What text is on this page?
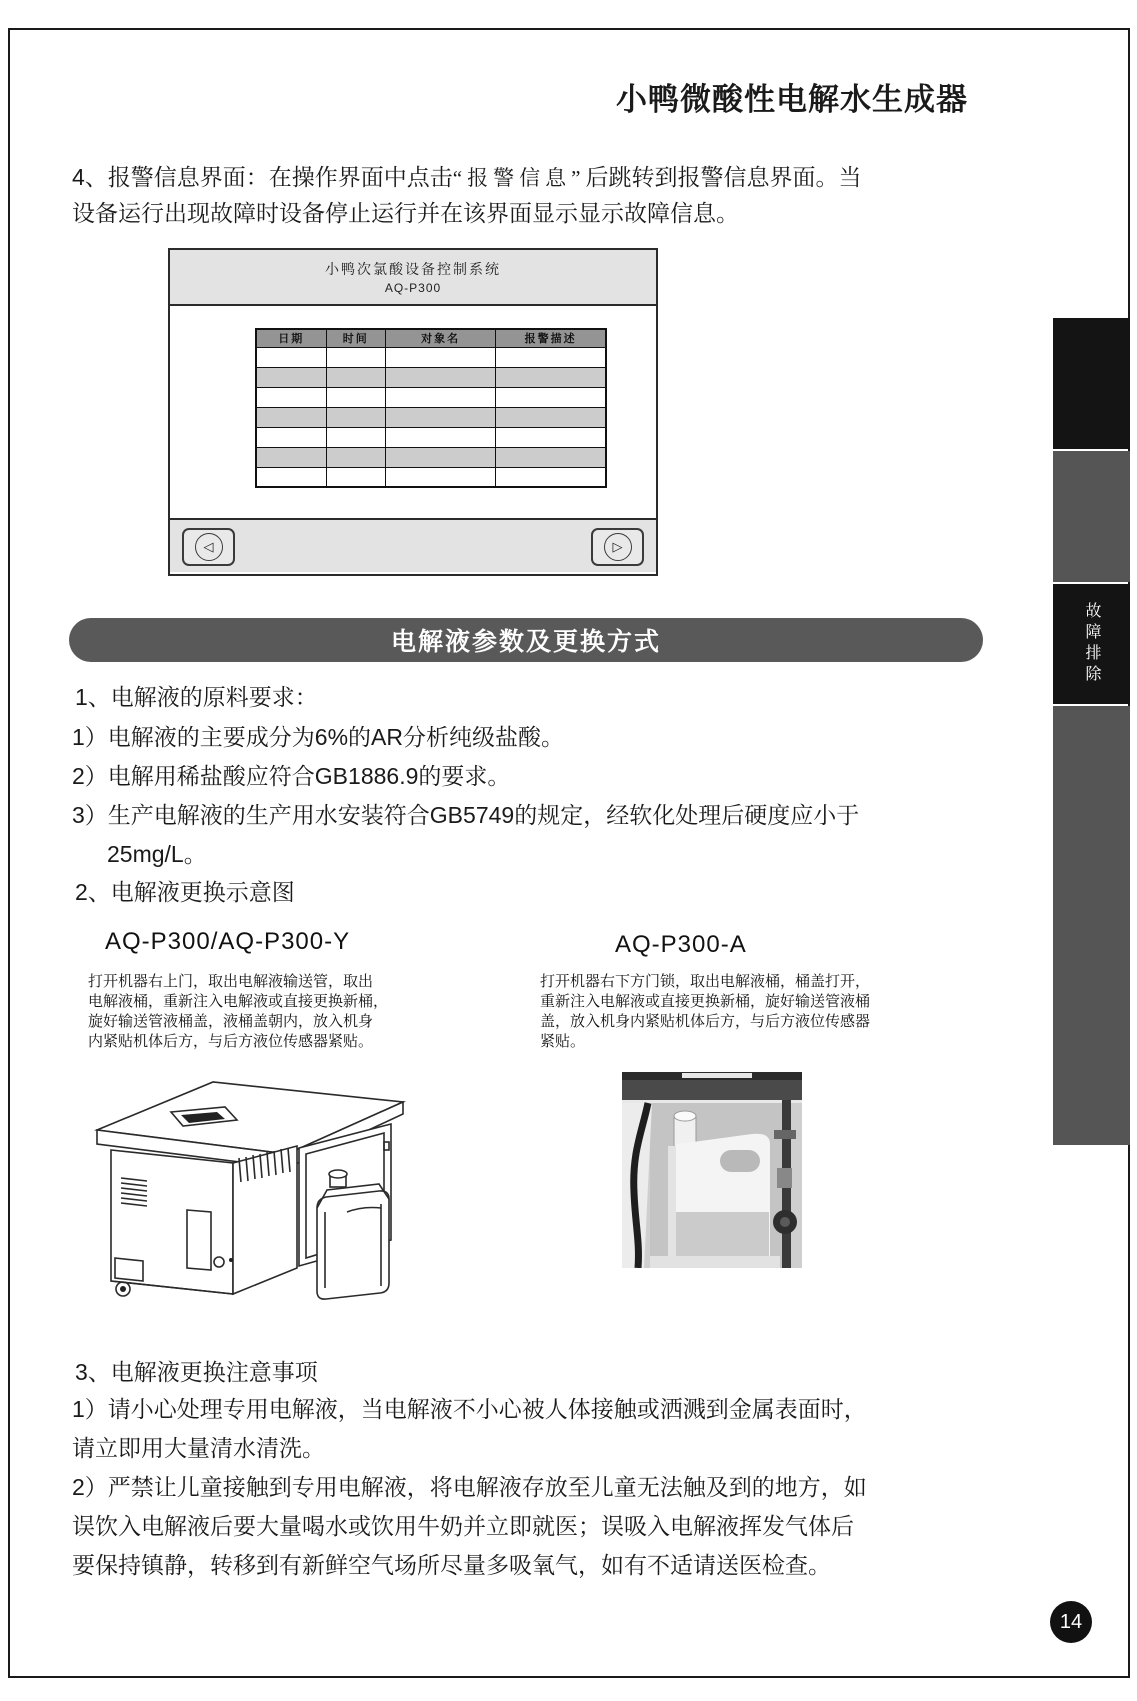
小鸭微酸性电解水生成器
4、报警信息界面：在操作界面中点击“报警信息”后跳转到报警信息界面。当
设备运行出现故障时设备停止运行并在该界面显示显示故障信息。
小鸭次氯酸设备控制系统
AQ-P300
日期	时间	对象名	报警描述

◁	▷
电解液参数及更换方式
1、电解液的原料要求：
1）电解液的主要成分为6%的AR分析纯级盐酸。
2）电解用稀盐酸应符合GB1886.9的要求。
3）生产电解液的生产用水安装符合GB5749的规定，经软化处理后硬度应小于
25mg/L。
2、电解液更换示意图
AQ-P300/AQ-P300-Y	AQ-P300-A
打开机器右上门，取出电解液输送管，取出
电解液桶，重新注入电解液或直接更换新桶，
旋好输送管液桶盖，液桶盖朝内，放入机身
内紧贴机体后方，与后方液位传感器紧贴。
打开机器右下方门锁，取出电解液桶，桶盖打开，
重新注入电解液或直接更换新桶，旋好输送管液桶
盖，放入机身内紧贴机体后方，与后方液位传感器
紧贴。
3、电解液更换注意事项
1）请小心处理专用电解液，当电解液不小心被人体接触或洒溅到金属表面时，
请立即用大量清水清洗。
2）严禁让儿童接触到专用电解液，将电解液存放至儿童无法触及到的地方，如
误饮入电解液后要大量喝水或饮用牛奶并立即就医；误吸入电解液挥发气体后
要保持镇静，转移到有新鲜空气场所尽量多吸氧气，如有不适请送医检查。
故障排除
14
